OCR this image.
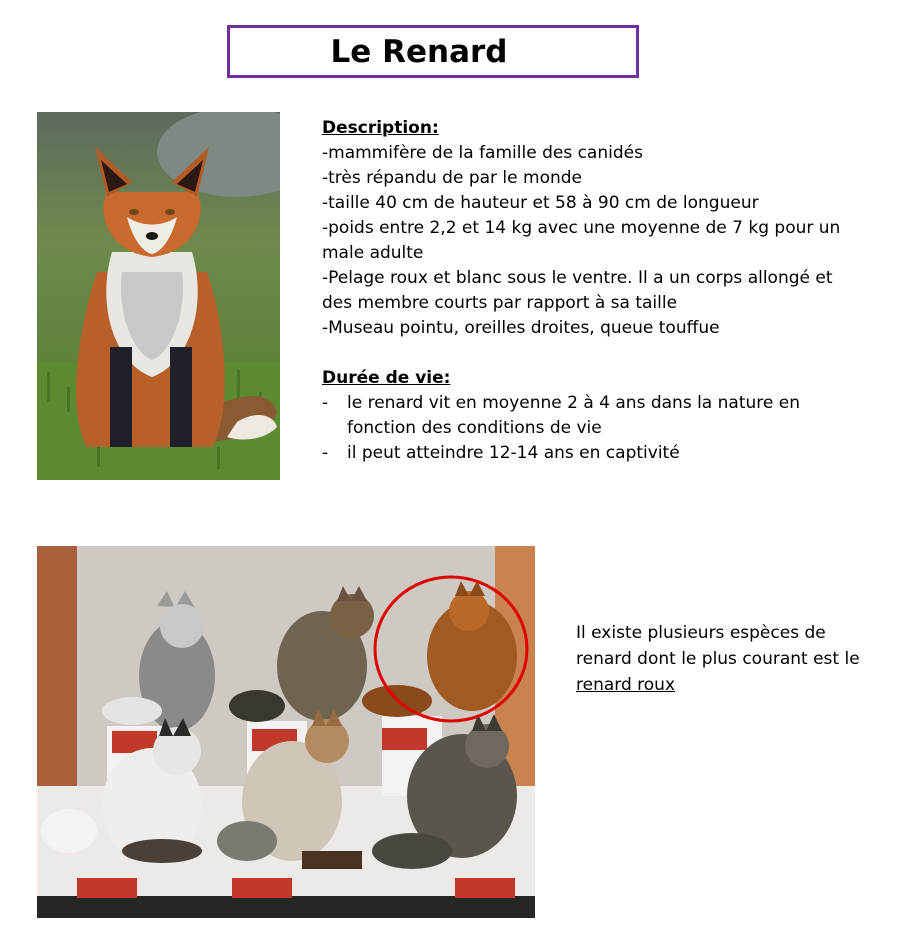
Le Renard

Description:

-mammifère de la famille des canidés

-très répandu de par le monde

-taille 40 cm de hauteur et 58 à 90 cm de longueur

-poids entre 2,2 et 14 kg avec une moyenne de 7 kg pour un male adulte

-Pelage roux et blanc sous le ventre. Il a un corps allongé et des membre courts par rapport à sa taille

-Museau pointu, oreilles droites, queue touffue

Durée de vie:

- le renard vit en moyenne 2 à 4 ans dans la nature en fonction des conditions de vie
- il peut atteindre 12-14 ans en captivité
Il existe plusieurs espèces de renard dont le plus courant est le renard roux
